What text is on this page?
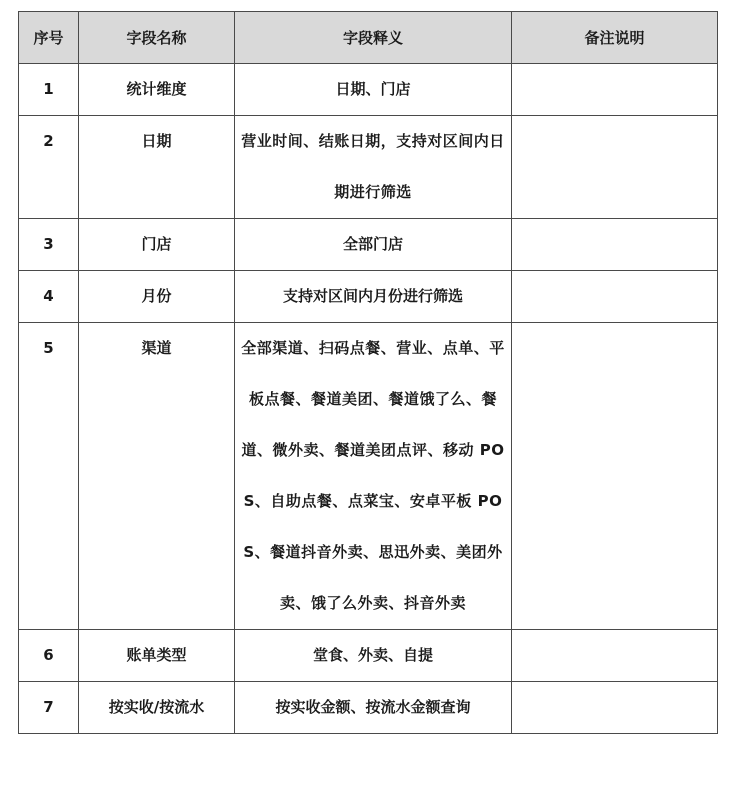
序号	字段名称	字段释义	备注说明
1	统计维度	日期、门店	
2	日期	营业时间、结账日期，支持对区间内日期进行筛选	

3	门店	全部门店	
4	月份	支持对区间内月份进行筛选	
5	渠道	全部渠道、扫码点餐、营业、点单、平板点餐、餐道美团、餐道饿了么、餐道、微外卖、餐道美团点评、移动 POS、自助点餐、点菜宝、安卓平板 POS、餐道抖音外卖、思迅外卖、美团外卖、饿了么外卖、抖音外卖	

6	账单类型	堂食、外卖、自提	
7	按实收/按流水	按实收金额、按流水金额查询	
